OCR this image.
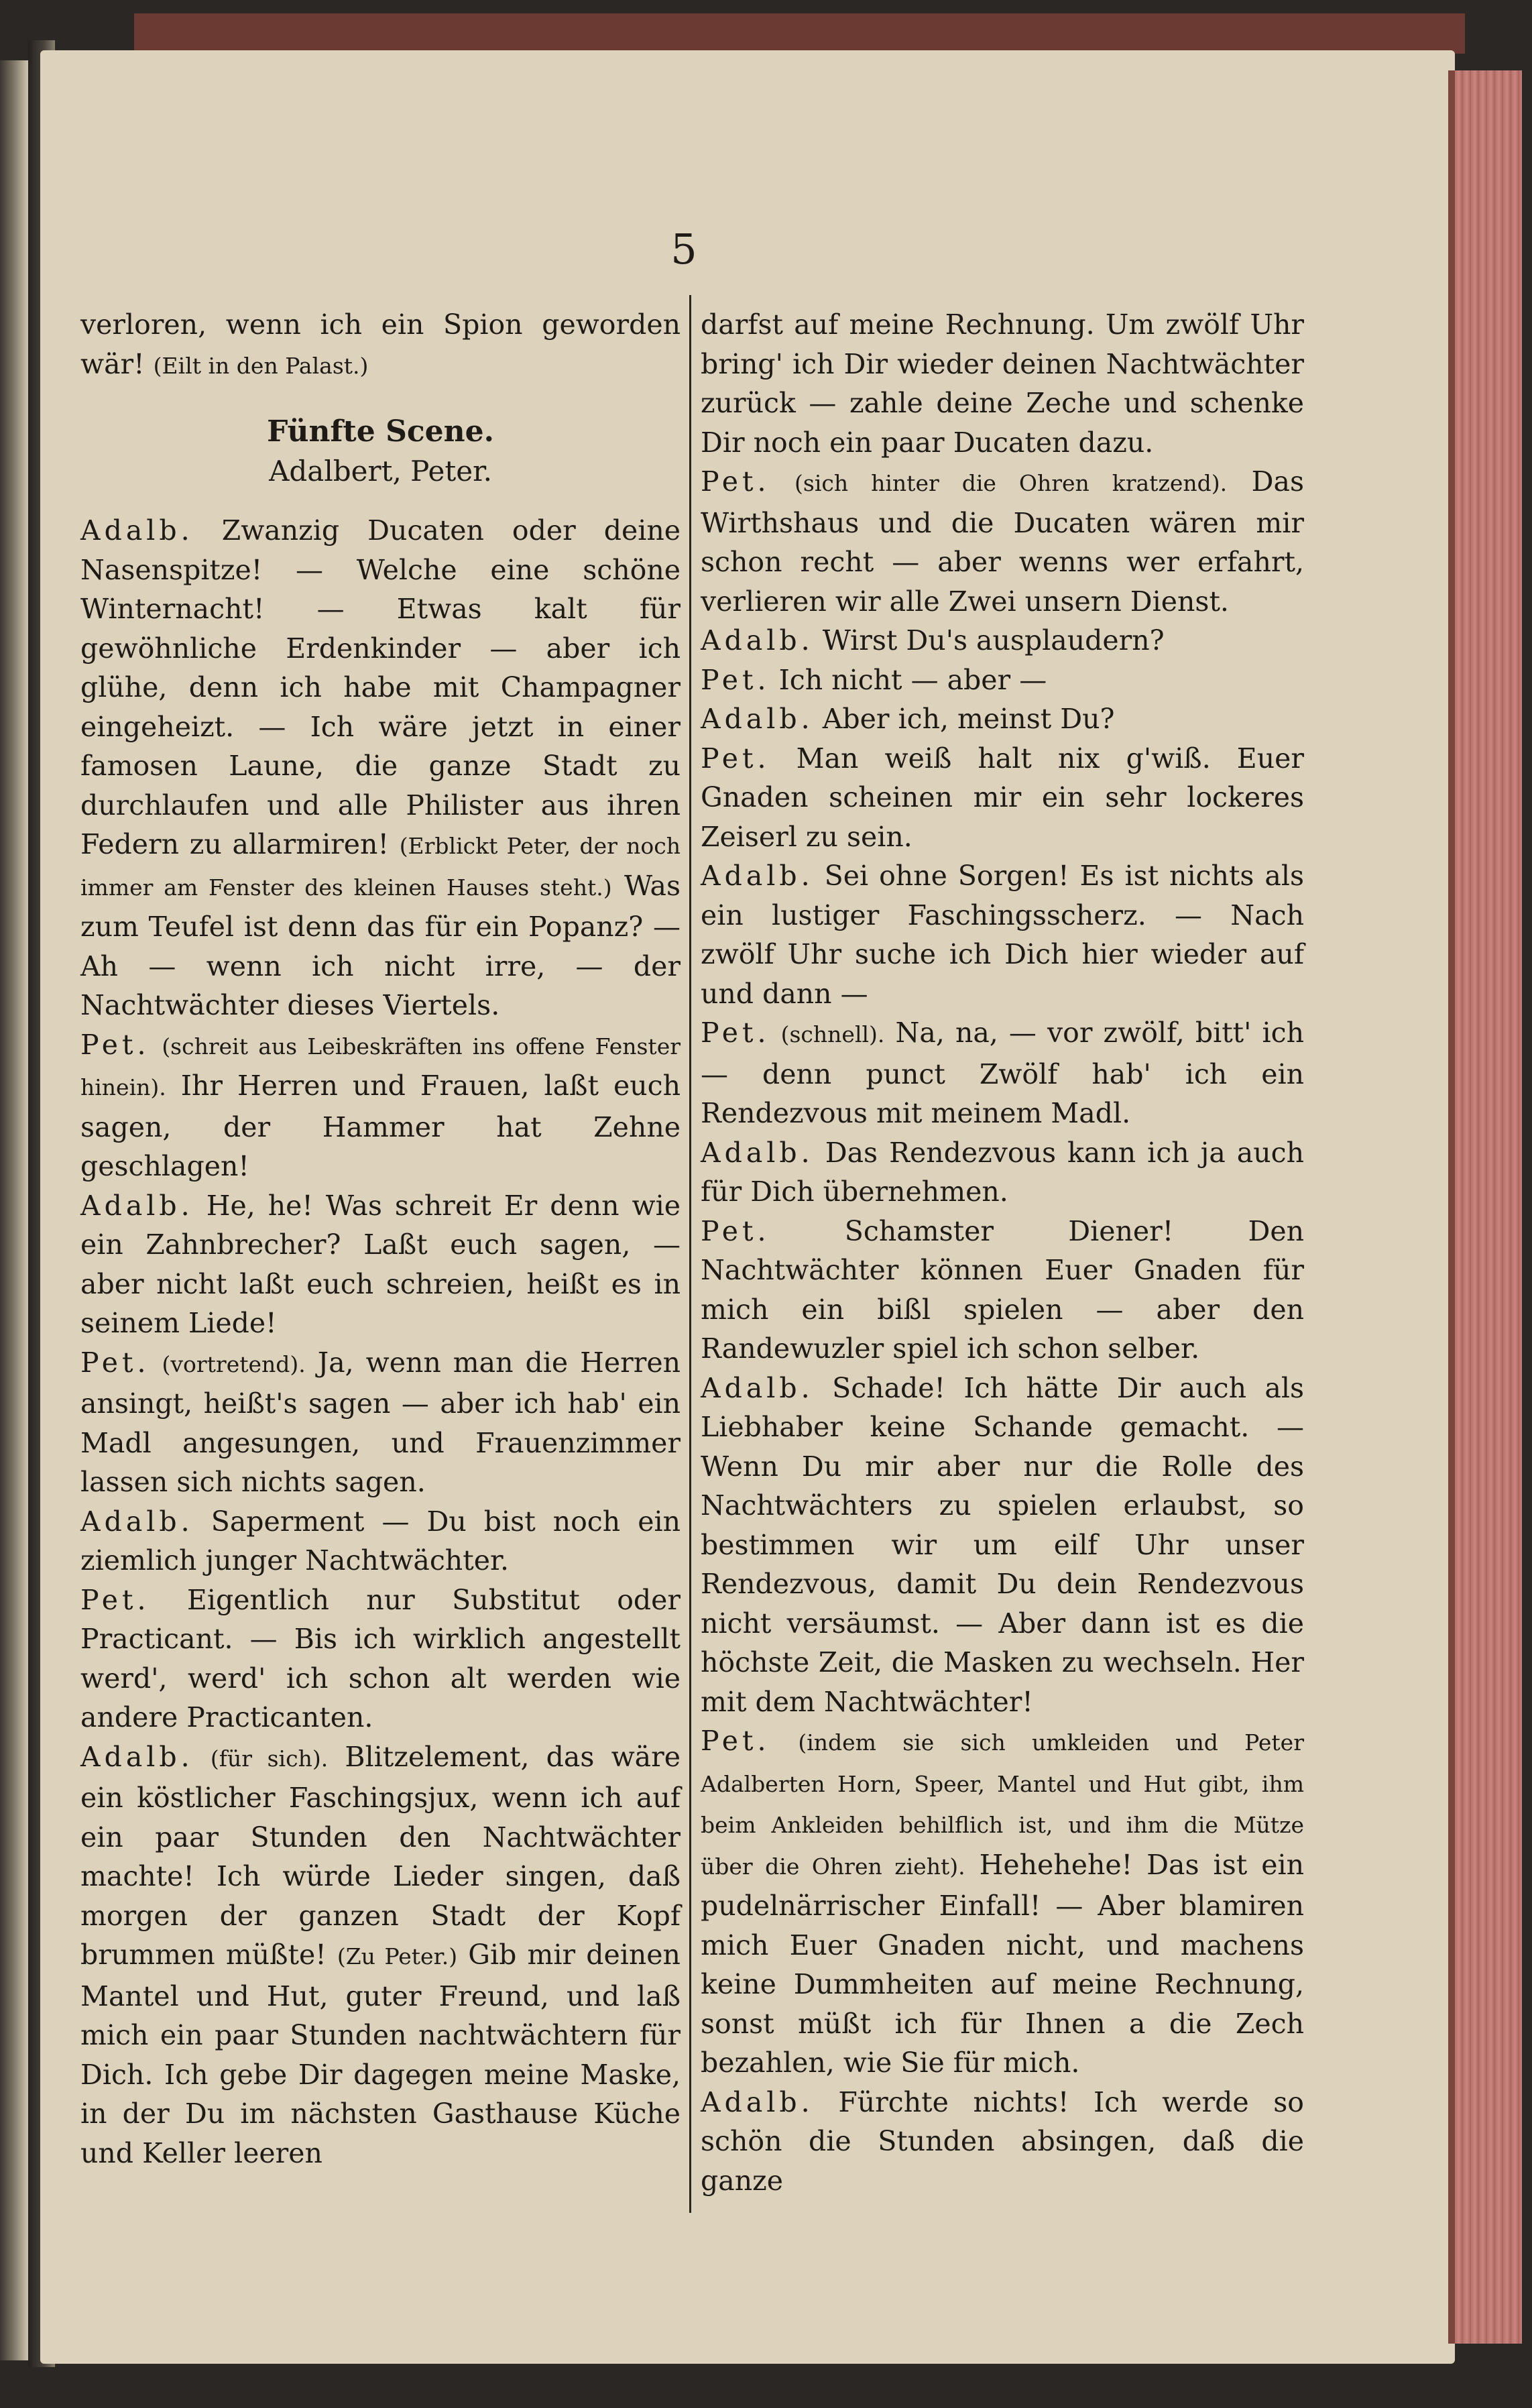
5

verloren, wenn ich ein Spion geworden wär! (Eilt in den Palast.)

Fünfte Scene.

Adalbert, Peter.

Adalb. Zwanzig Ducaten oder deine Nasenspitze! — Welche eine schöne Winternacht! — Etwas kalt für gewöhnliche Erdenkinder — aber ich glühe, denn ich habe mit Champagner eingeheizt. — Ich wäre jetzt in einer famosen Laune, die ganze Stadt zu durchlaufen und alle Philister aus ihren Federn zu allarmiren! (Erblickt Peter, der noch immer am Fenster des kleinen Hauses steht.) Was zum Teufel ist denn das für ein Popanz? — Ah — wenn ich nicht irre, — der Nachtwächter dieses Viertels.

Pet. (schreit aus Leibeskräften ins offene Fenster hinein). Ihr Herren und Frauen, laßt euch sagen, der Hammer hat Zehne geschlagen!

Adalb. He, he! Was schreit Er denn wie ein Zahnbrecher? Laßt euch sagen, — aber nicht laßt euch schreien, heißt es in seinem Liede!

Pet. (vortretend). Ja, wenn man die Herren ansingt, heißt's sagen — aber ich hab' ein Madl angesungen, und Frauenzimmer lassen sich nichts sagen.

Adalb. Saperment — Du bist noch ein ziemlich junger Nachtwächter.

Pet. Eigentlich nur Substitut oder Practicant. — Bis ich wirklich angestellt werd', werd' ich schon alt werden wie andere Practicanten.

Adalb. (für sich). Blitzelement, das wäre ein köstlicher Faschingsjux, wenn ich auf ein paar Stunden den Nachtwächter machte! Ich würde Lieder singen, daß morgen der ganzen Stadt der Kopf brummen müßte! (Zu Peter.) Gib mir deinen Mantel und Hut, guter Freund, und laß mich ein paar Stunden nachtwächtern für Dich. Ich gebe Dir dagegen meine Maske, in der Du im nächsten Gasthause Küche und Keller leeren

darfst auf meine Rechnung. Um zwölf Uhr bring' ich Dir wieder deinen Nachtwächter zurück — zahle deine Zeche und schenke Dir noch ein paar Ducaten dazu.

Pet. (sich hinter die Ohren kratzend). Das Wirthshaus und die Ducaten wären mir schon recht — aber wenns wer erfahrt, verlieren wir alle Zwei unsern Dienst.

Adalb. Wirst Du's ausplaudern?

Pet. Ich nicht — aber —

Adalb. Aber ich, meinst Du?

Pet. Man weiß halt nix g'wiß. Euer Gnaden scheinen mir ein sehr lockeres Zeiserl zu sein.

Adalb. Sei ohne Sorgen! Es ist nichts als ein lustiger Faschingsscherz. — Nach zwölf Uhr suche ich Dich hier wieder auf und dann —

Pet. (schnell). Na, na, — vor zwölf, bitt' ich — denn punct Zwölf hab' ich ein Rendezvous mit meinem Madl.

Adalb. Das Rendezvous kann ich ja auch für Dich übernehmen.

Pet.	Schamster Diener! Den Nachtwächter können Euer Gnaden für mich ein bißl spielen — aber den Randewuzler spiel ich schon selber.

Adalb. Schade! Ich hätte Dir auch als Liebhaber keine Schande gemacht. — Wenn Du mir aber nur die Rolle des Nachtwächters zu spielen erlaubst, so bestimmen wir um eilf Uhr unser Rendezvous, damit Du dein Rendezvous nicht versäumst. — Aber dann ist es die höchste Zeit, die Masken zu wechseln. Her mit dem Nachtwächter!

Pet. (indem sie sich umkleiden und Peter Adalberten Horn, Speer, Mantel und Hut gibt, ihm beim Ankleiden behilflich ist, und ihm die Mütze über die Ohren zieht). Hehehehe! Das ist ein pudelnärrischer Einfall! — Aber blamiren mich Euer Gnaden nicht, und machens keine Dummheiten auf meine Rechnung, sonst müßt ich für Ihnen a die Zech bezahlen, wie Sie für mich.

Adalb. Fürchte nichts! Ich werde so schön die Stunden absingen, daß die ganze
